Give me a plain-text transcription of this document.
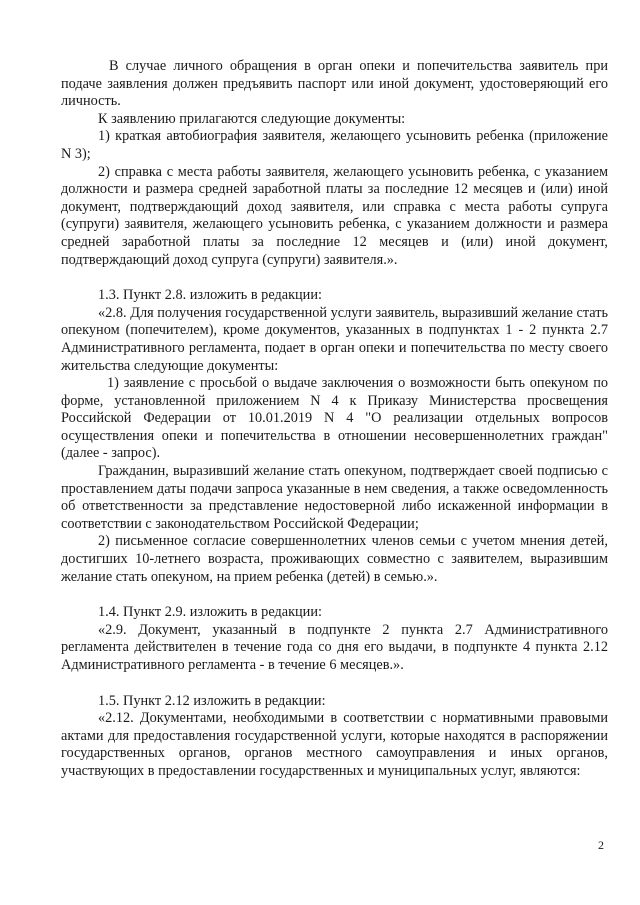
В случае личного обращения в орган опеки и попечительства заявитель при подаче заявления должен предъявить паспорт или иной документ, удостоверяющий его личность.

К заявлению прилагаются следующие документы:

1) краткая автобиография заявителя, желающего усыновить ребенка (приложение N 3);

2) справка с места работы заявителя, желающего усыновить ребенка, с указанием должности и размера средней заработной платы за последние 12 месяцев и (или) иной документ, подтверждающий доход заявителя, или справка с места работы супруга (супруги) заявителя, желающего усыновить ребенка, с указанием должности и размера средней заработной платы за последние 12 месяцев и (или) иной документ, подтверждающий доход супруга (супруги) заявителя.».

1.3. Пункт 2.8. изложить в редакции:

«2.8. Для получения государственной услуги заявитель, выразивший желание стать опекуном (попечителем), кроме документов, указанных в подпунктах 1 - 2 пункта 2.7 Административного регламента, подает в орган опеки и попечительства по месту своего жительства следующие документы:

1) заявление с просьбой о выдаче заключения о возможности быть опекуном по форме, установленной приложением N 4 к Приказу Министерства просвещения Российской Федерации от 10.01.2019 N 4 "О реализации отдельных вопросов осуществления опеки и попечительства в отношении несовершеннолетних граждан" (далее - запрос).

Гражданин, выразивший желание стать опекуном, подтверждает своей подписью с проставлением даты подачи запроса указанные в нем сведения, а также осведомленность об ответственности за представление недостоверной либо искаженной информации в соответствии с законодательством Российской Федерации;

2) письменное согласие совершеннолетних членов семьи с учетом мнения детей, достигших 10-летнего возраста, проживающих совместно с заявителем, выразившим желание стать опекуном, на прием ребенка (детей) в семью.».

1.4. Пункт 2.9. изложить в редакции:

«2.9. Документ, указанный в подпункте 2 пункта 2.7 Административного регламента действителен в течение года со дня его выдачи, в подпункте 4 пункта 2.12 Административного регламента - в течение 6 месяцев.».

1.5. Пункт 2.12 изложить в редакции:

«2.12. Документами, необходимыми в соответствии с нормативными правовыми актами для предоставления государственной услуги, которые находятся в распоряжении государственных органов, органов местного самоуправления и иных органов, участвующих в предоставлении государственных и муниципальных услуг, являются:

2
